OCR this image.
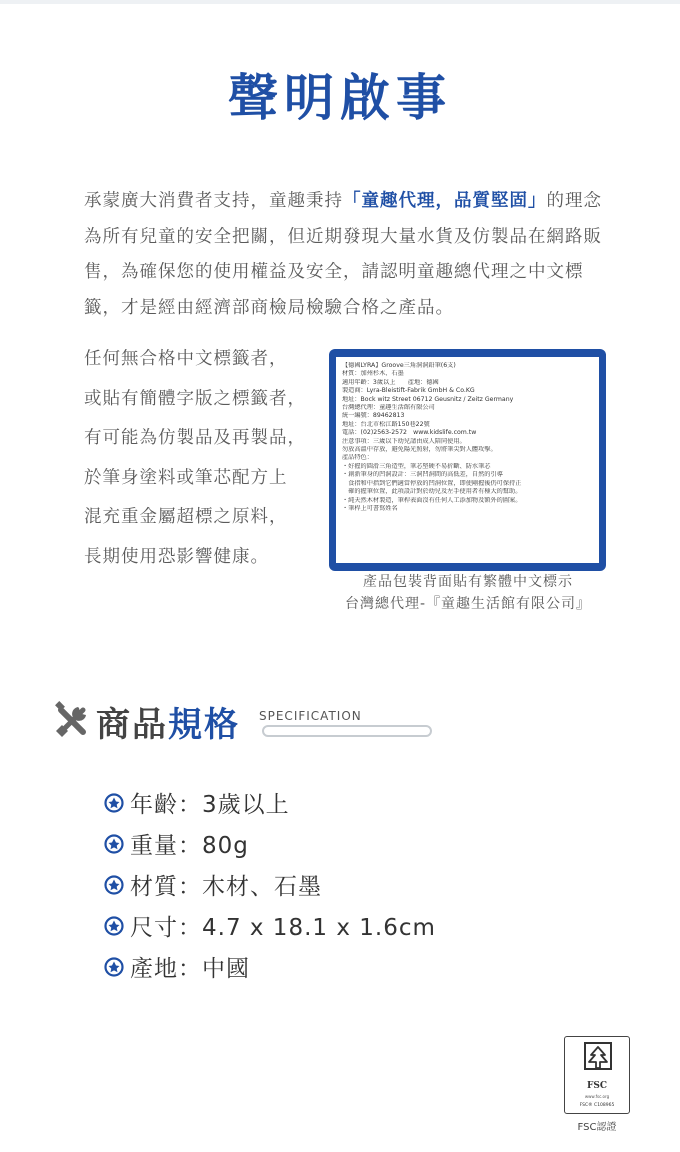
聲明啟事
承蒙廣大消費者支持，童趣秉持「童趣代理，品質堅固」的理念為所有兒童的安全把關，但近期發現大量水貨及仿製品在網路販售，為確保您的使用權益及安全，請認明童趣總代理之中文標籤，才是經由經濟部商檢局檢驗合格之產品。
任何無合格中文標籤者，
或貼有簡體字版之標籤者，
有可能為仿製品及再製品，
於筆身塗料或筆芯配方上
混充重金屬超標之原料，
長期使用恐影響健康。
【德國LYRA】Groove三角洞洞鉛筆(6支)
材質：加州杉木、石墨
適用年齡：3歲以上　　產地：德國
製造商：Lyra-Bleistift-Fabrik GmbH & Co.KG
地址：Bock witz Street 06712 Geusnitz / Zeitz Germany
台灣總代理：童趣生活館有限公司
統一編號：89462813
地址：台北市松江路150巷22號
電話：(02)2563-2572　www.kidslife.com.tw
注意事項：三歲以下幼兒請由成人陪同使用。
勿放高溫中存放，避免陽光照射，勿將筆尖對人體攻擊。
產品特色：
・好握的圓滑三角造型，筆芯堅硬不易折斷、防水筆芯
・創新筆身的凹洞設計：三洞凹洞間的高低差，自然的引導
　食指和中指到它們適當停放的凹洞位置，即使剛握後仍可保持正
　確的握筆位置，此項設計對於幼兒及左手使用者有極大的幫助。
・純天然木材製造，筆桿表面沒有任何人工添加物及額外的圖案。
・筆桿上可書寫姓名
產品包裝背面貼有繁體中文標示
台灣總代理-『童趣生活館有限公司』
商品規格 SPECIFICATION
年齡：3歲以上
重量：80g
材質：木材、石墨
尺寸：4.7 x 18.1 x 1.6cm
產地：中國
FSC
www.fsc.org
FSC® C108965
FSC認證
